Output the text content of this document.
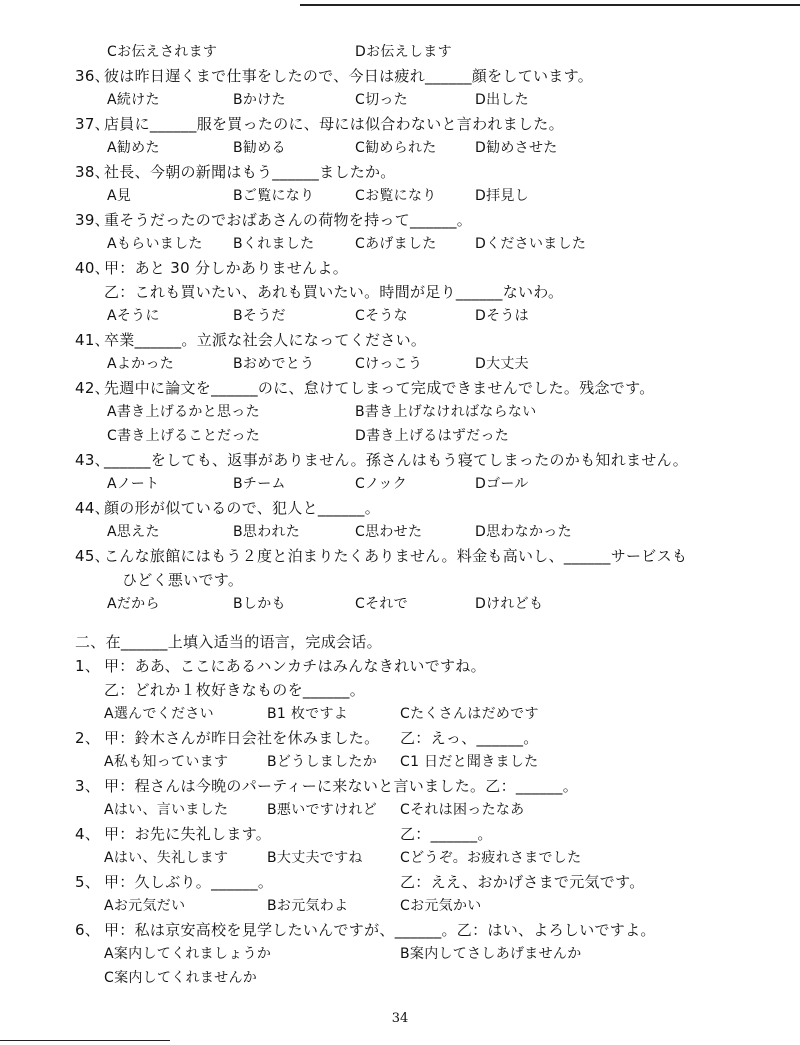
Cお伝えされます	Dお伝えします
36、
彼は昨日遅くまで仕事をしたので、今日は疲れ______顔をしています。
A続けた	Bかけた	C切った	D出した
37、
店員に______服を買ったのに、母には似合わないと言われました。
A勧めた	B勧める	C勧められた	D勧めさせた
38、
社長、今朝の新聞はもう______ましたか。
A見	Bご覧になり	Cお覧になり	D拝見し
39、
重そうだったのでおばあさんの荷物を持って______。
Aもらいました Bくれました	Cあげました	Dくださいました
40、
甲：あと 30 分しかありませんよ。
乙：これも買いたい、あれも買いたい。時間が足り______ないわ。
Aそうに	Bそうだ	Cそうな	Dそうは
41、
卒業______。立派な社会人になってください。
Aよかった	Bおめでとう	Cけっこう	D大丈夫
42、
先週中に論文を______のに、怠けてしまって完成できませんでした。残念です。
A書き上げるかと思った	B書き上げなければならない
C書き上げることだった	D書き上げるはずだった
43、
______をしても、返事がありません。孫さんはもう寝てしまったのかも知れません。
Aノート	Bチーム	Cノック	Dゴール
44、
顔の形が似ているので、犯人と______。
A思えた	B思われた	C思わせた	D思わなかった
45、
こんな旅館にはもう２度と泊まりたくありません。料金も高いし、______サービスも
ひどく悪いです。
Aだから	Bしかも	Cそれで	Dけれども
二、在______上填入适当的语言，完成会话。
1、 甲：ああ、ここにあるハンカチはみんなきれいですね。
乙：どれか１枚好きなものを______。
A選んでください	B1 枚ですよ	Cたくさんはだめです
2、 甲：鈴木さんが昨日会社を休みました。 乙：えっ、______。
A私も知っています	Bどうしましたか C1 日だと聞きました
3、 甲：程さんは今晩のパーティーに来ないと言いました。乙：______。
Aはい、言いました	B悪いですけれど Cそれは困ったなあ
4、 甲：お先に失礼します。	乙：______。
Aはい、失礼します	B大丈夫ですね	Cどうぞ。お疲れさまでした
5、 甲：久しぶり。______。	乙：ええ、おかげさまで元気です。
Aお元気だい	Bお元気わよ	Cお元気かい
6、 甲：私は京安高校を見学したいんですが、______。乙：はい、よろしいですよ。
A案内してくれましょうか	B案内してさしあげませんか
C案内してくれませんか
34
